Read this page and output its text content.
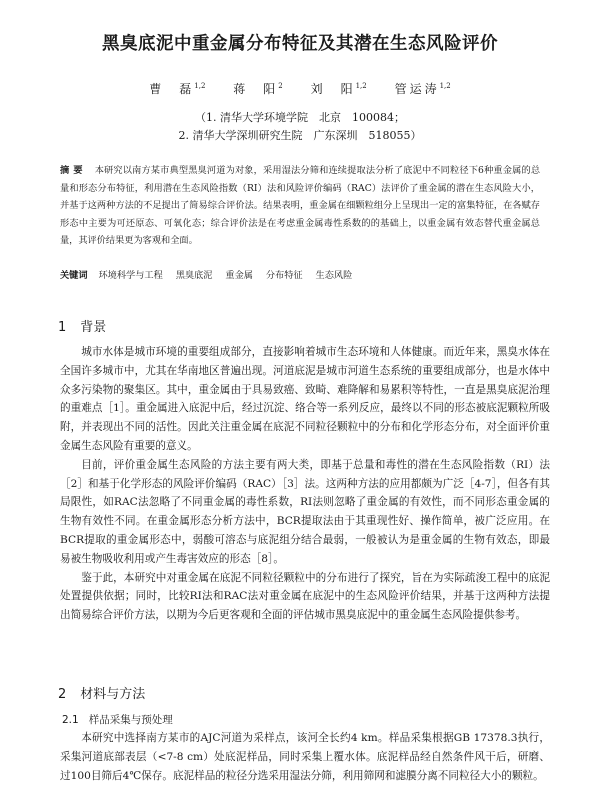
黑臭底泥中重金属分布特征及其潜在生态风险评价
曹　磊$^{1,2}$ 蒋　阳$^2$ 刘　阳$^{1,2}$ 管运涛$^{1,2}$
（1. 清华大学环境学院　北京　100084；
2. 清华大学深圳研究生院　广东深圳　518055）
摘要 本研究以南方某市典型黑臭河道为对象，采用湿法分筛和连续提取法分析了底泥中不同粒径下6种重金属的总量和形态分布特征，利用潜在生态风险指数（RI）法和风险评价编码（RAC）法评价了重金属的潜在生态风险大小，并基于这两种方法的不足提出了简易综合评价法。结果表明，重金属在细颗粒组分上呈现出一定的富集特征，在各赋存形态中主要为可还原态、可氧化态；综合评价法是在考虑重金属毒性系数的的基础上，以重金属有效态替代重金属总量，其评价结果更为客观和全面。
关键词 环境科学与工程 黑臭底泥 重金属 分布特征 生态风险
1 背景

城市水体是城市环境的重要组成部分，直接影响着城市生态环境和人体健康。而近年来，黑臭水体在全国许多城市中，尤其在华南地区普遍出现。河道底泥是城市河道生态系统的重要组成部分，也是水体中众多污染物的聚集区。其中，重金属由于具易致癌、致畸、难降解和易累积等特性，一直是黑臭底泥治理的重难点［1］。重金属进入底泥中后，经过沉淀、络合等一系列反应，最终以不同的形态被底泥颗粒所吸附，并表现出不同的活性。因此关注重金属在底泥不同粒径颗粒中的分布和化学形态分布，对全面评价重金属生态风险有重要的意义。

目前，评价重金属生态风险的方法主要有两大类，即基于总量和毒性的潜在生态风险指数（RI）法［2］和基于化学形态的风险评价编码（RAC）［3］法。这两种方法的应用都颇为广泛［4-7］，但各有其局限性，如RAC法忽略了不同重金属的毒性系数，RI法则忽略了重金属的有效性，而不同形态重金属的生物有效性不同。在重金属形态分析方法中，BCR提取法由于其重现性好、操作简单，被广泛应用。在BCR提取的重金属形态中，弱酸可溶态与底泥组分结合最弱，一般被认为是重金属的生物有效态，即最易被生物吸收利用或产生毒害效应的形态［8］。

鉴于此，本研究中对重金属在底泥不同粒径颗粒中的分布进行了探究，旨在为实际疏浚工程中的底泥处置提供依据；同时，比较RI法和RAC法对重金属在底泥中的生态风险评价结果，并基于这两种方法提出简易综合评价方法，以期为今后更客观和全面的评估城市黑臭底泥中的重金属生态风险提供参考。

2 材料与方法
2.1 样品采集与预处理

本研究中选择南方某市的AJC河道为采样点，该河全长约4 km。样品采集根据GB 17378.3执行，采集河道底部表层（<7-8 cm）处底泥样品，同时采集上覆水体。底泥样品经自然条件风干后，研磨、过100目筛后4℃保存。底泥样品的粒径分选采用湿法分筛，利用筛网和滤膜分离不同粒径大小的颗粒。
